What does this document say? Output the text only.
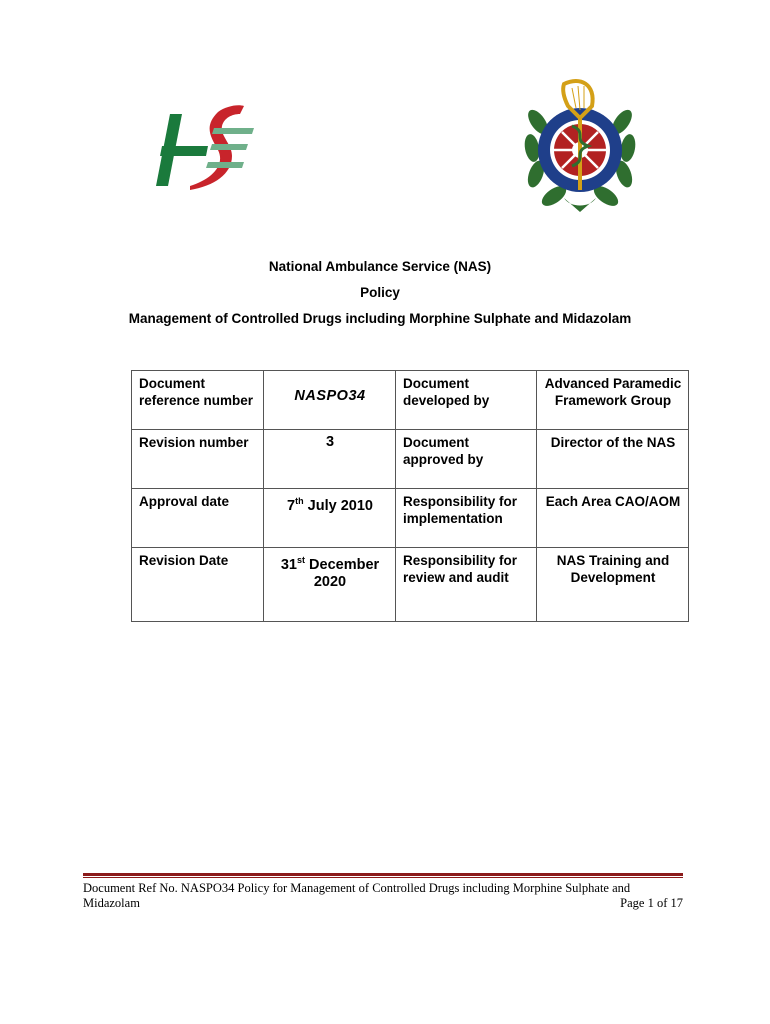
National Ambulance Service (NAS)
Policy
Management of Controlled Drugs including Morphine Sulphate and Midazolam
Document reference number	NASPO34	Document developed by	Advanced Paramedic Framework Group
Revision number	3	Document approved by	Director of the NAS
Approval date	7th July 2010	Responsibility for implementation	Each Area CAO/AOM
Revision Date	31st December 2020	Responsibility for review and audit	NAS Training and Development
Document Ref No. NASPO34 Policy for Management of Controlled Drugs including Morphine Sulphate and Midazolam	Page 1 of 17
